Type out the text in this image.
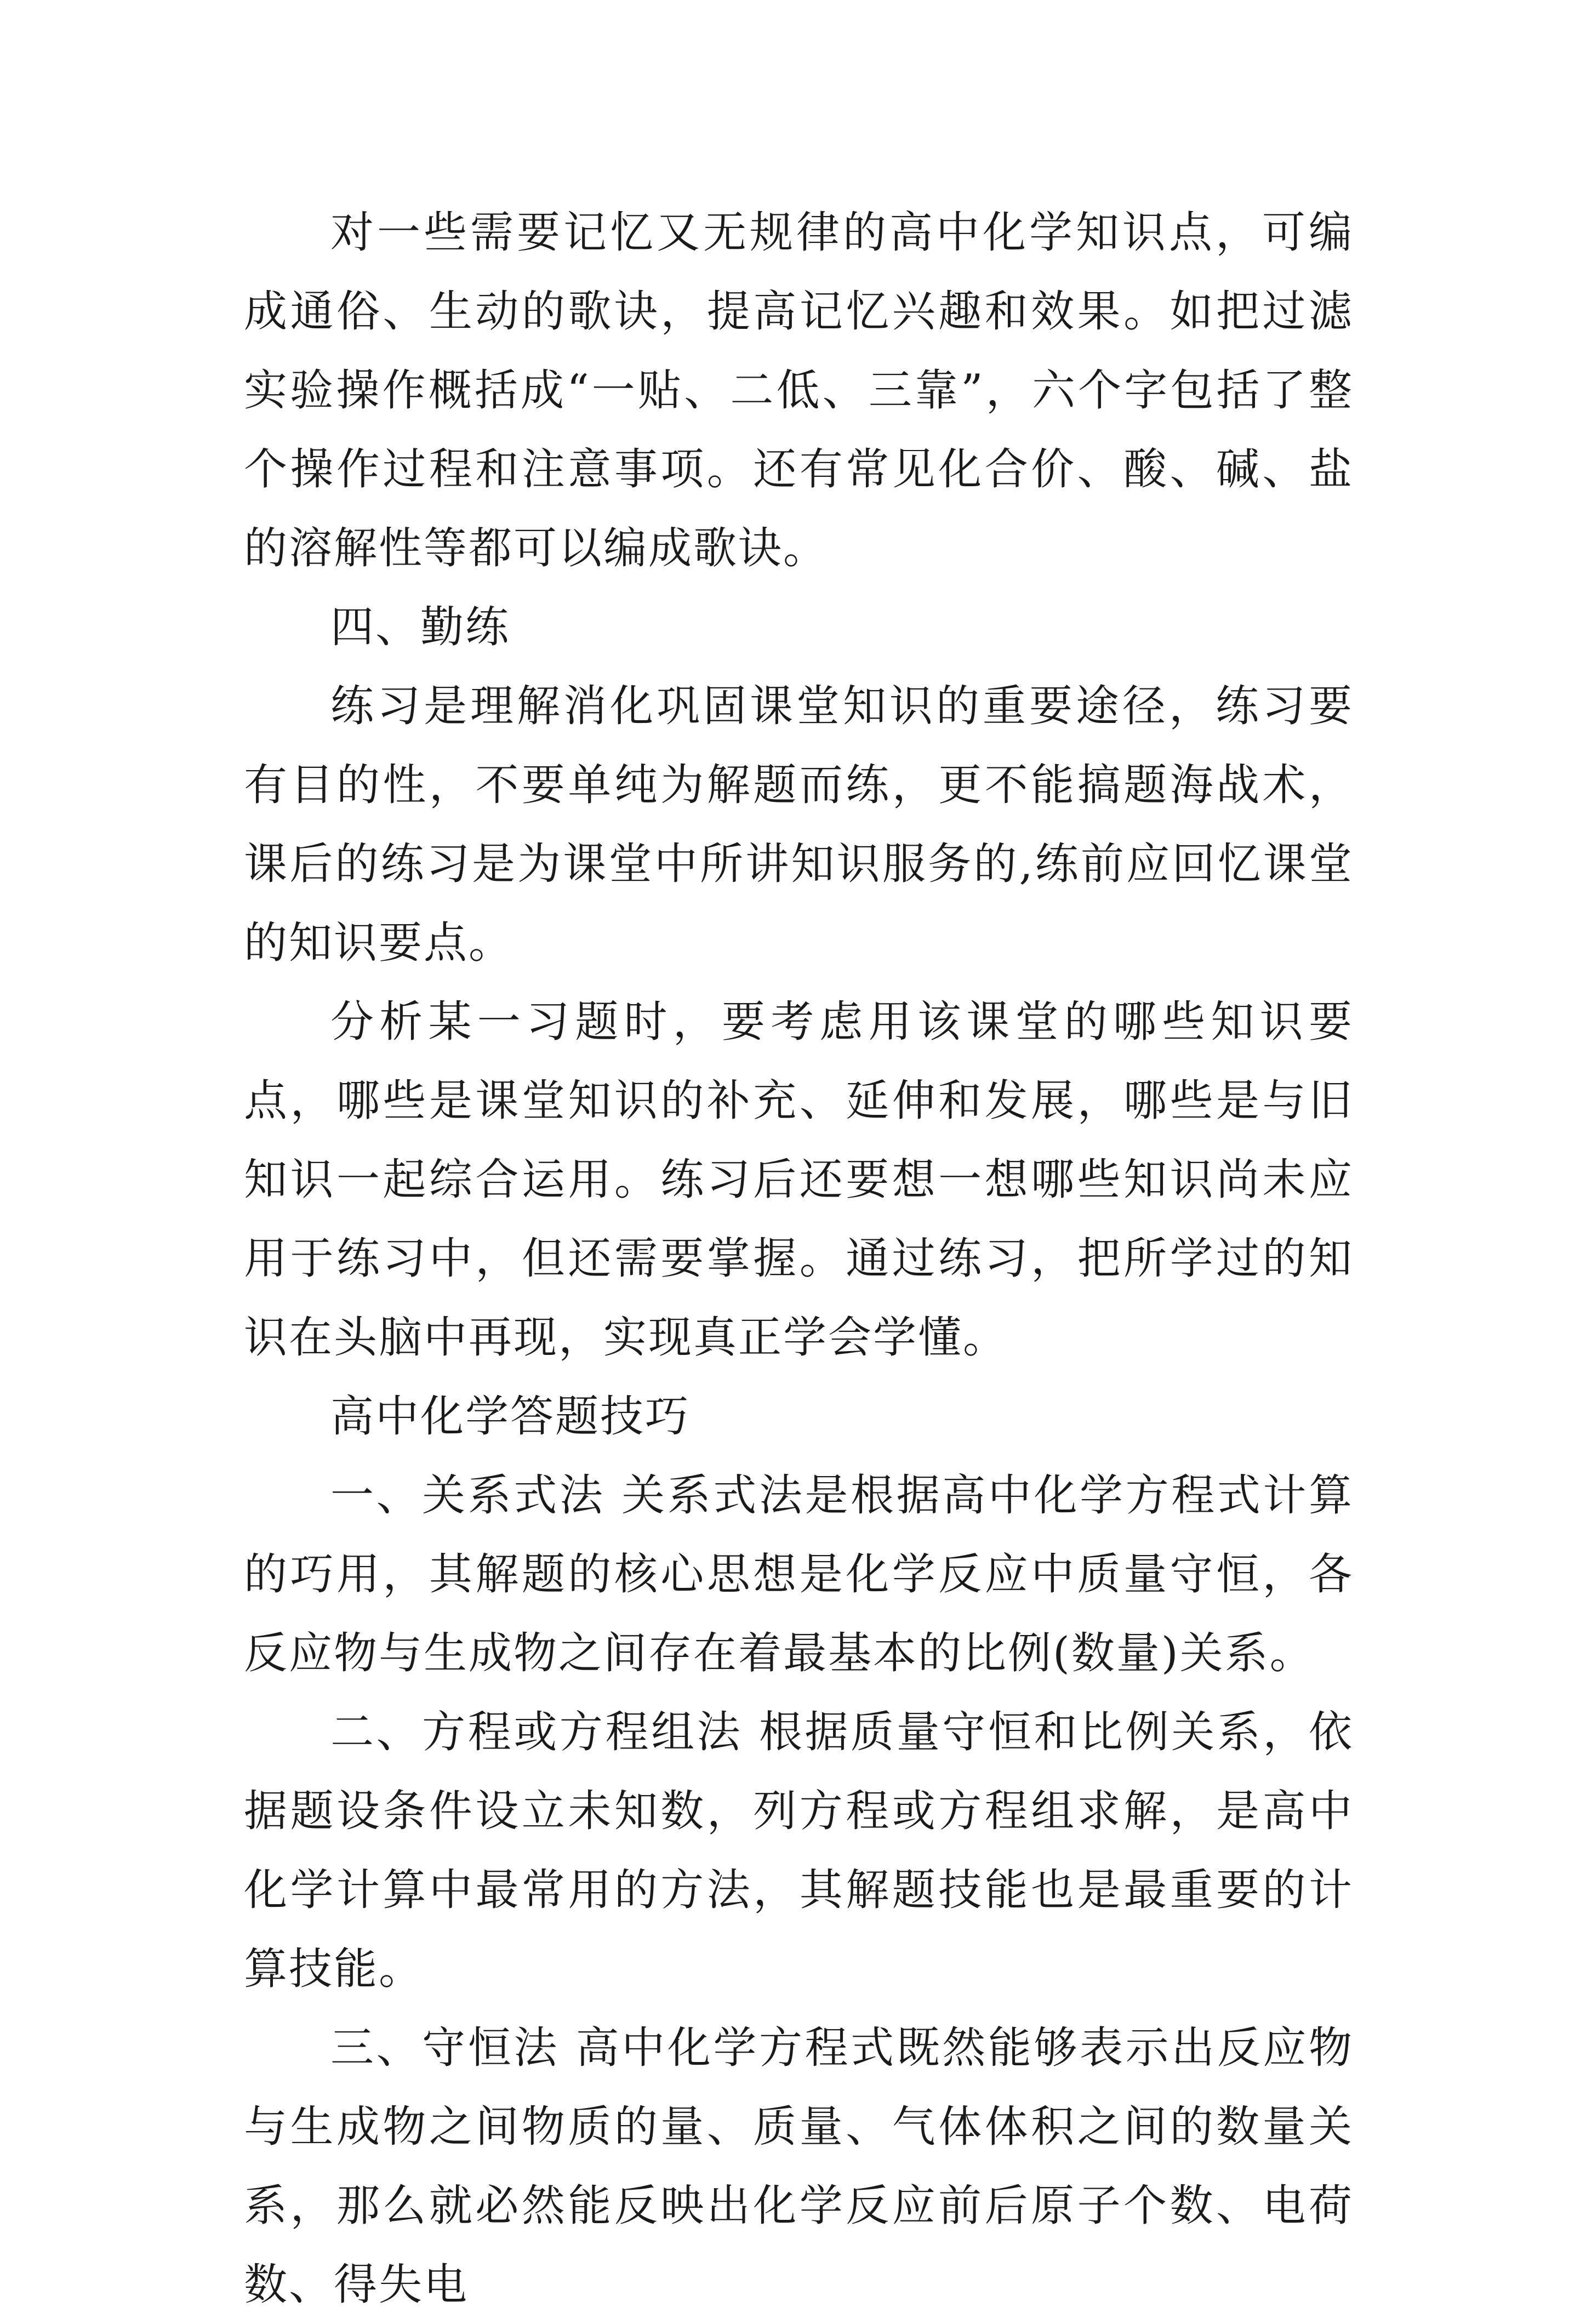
对一些需要记忆又无规律的高中化学知识点，可编成通俗、生动的歌诀，提高记忆兴趣和效果。如把过滤实验操作概括成“一贴、二低、三靠”，六个字包括了整个操作过程和注意事项。还有常见化合价、酸、碱、盐的溶解性等都可以编成歌诀。

四、勤练

练习是理解消化巩固课堂知识的重要途径，练习要有目的性，不要单纯为解题而练，更不能搞题海战术，课后的练习是为课堂中所讲知识服务的,练前应回忆课堂的知识要点。

分析某一习题时，要考虑用该课堂的哪些知识要点，哪些是课堂知识的补充、延伸和发展，哪些是与旧知识一起综合运用。练习后还要想一想哪些知识尚未应用于练习中，但还需要掌握。通过练习，把所学过的知识在头脑中再现，实现真正学会学懂。

高中化学答题技巧

一、关系式法 关系式法是根据高中化学方程式计算的巧用，其解题的核心思想是化学反应中质量守恒，各反应物与生成物之间存在着最基本的比例(数量)关系。

二、方程或方程组法 根据质量守恒和比例关系，依据题设条件设立未知数，列方程或方程组求解，是高中化学计算中最常用的方法，其解题技能也是最重要的计算技能。

三、守恒法 高中化学方程式既然能够表示出反应物与生成物之间物质的量、质量、气体体积之间的数量关系，那么就必然能反映出化学反应前后原子个数、电荷数、得失电
